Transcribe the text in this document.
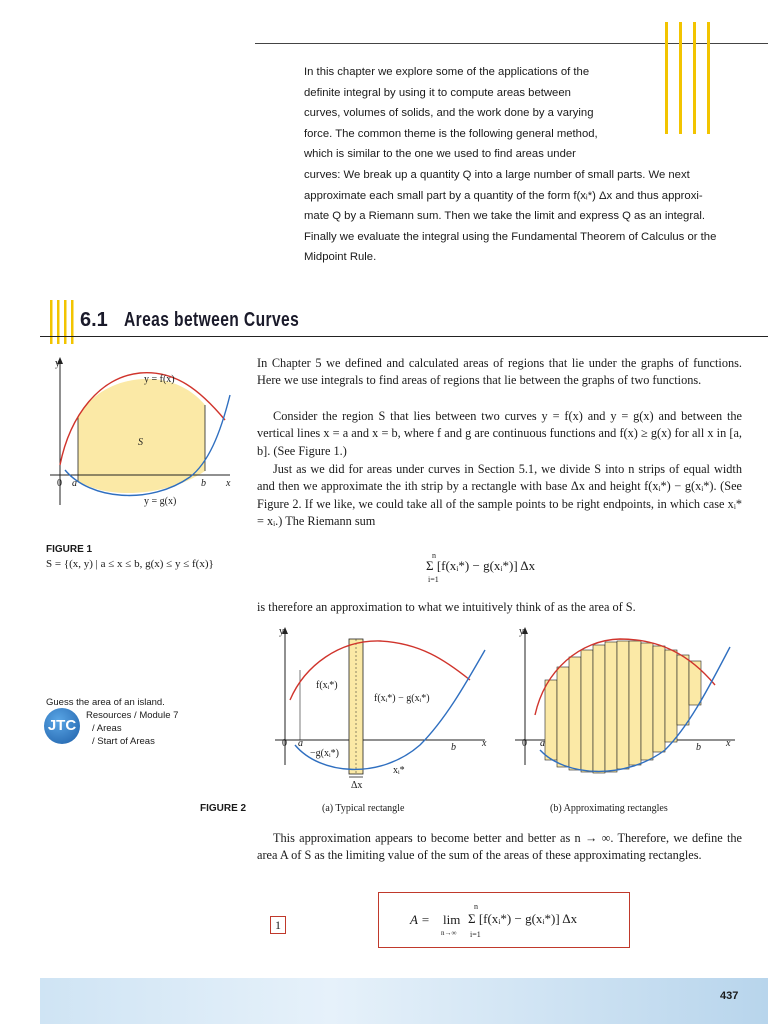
In this chapter we explore some of the applications of the
definite integral by using it to compute areas between
curves, volumes of solids, and the work done by a varying
force. The common theme is the following general method,
which is similar to the one we used to find areas under
curves: We break up a quantity Q into a large number of small parts. We next
approximate each small part by a quantity of the form f(xᵢ*) Δx and thus approxi-
mate Q by a Riemann sum. Then we take the limit and express Q as an integral.
Finally we evaluate the integral using the Fundamental Theorem of Calculus or the
Midpoint Rule.
6.1 Areas between Curves
y
y = f(x)
S
0 a	b x
y = g(x)
FIGURE 1
S = {(x, y) | a ≤ x ≤ b, g(x) ≤ y ≤ f(x)}
In Chapter 5 we defined and calculated areas of regions that lie under the graphs of functions. Here we use integrals to find areas of regions that lie between the graphs of two functions.
Consider the region S that lies between two curves y = f(x) and y = g(x) and between the vertical lines x = a and x = b, where f and g are continuous functions and f(x) ≥ g(x) for all x in [a, b]. (See Figure 1.)
Just as we did for areas under curves in Section 5.1, we divide S into n strips of equal width and then we approximate the ith strip by a rectangle with base Δx and height f(xᵢ*) − g(xᵢ*). (See Figure 2. If we like, we could take all of the sample points to be right endpoints, in which case xᵢ* = xᵢ.) The Riemann sum
n
Σ [f(xᵢ*) − g(xᵢ*)] Δx
i=1
is therefore an approximation to what we intuitively think of as the area of S.
y
f(xᵢ*)
f(xᵢ*) − g(xᵢ*)
0 a
−g(xᵢ*)
b	x
xᵢ*
Δx
y
0 a	b	x
FIGURE 2	(a) Typical rectangle	(b) Approximating rectangles
Guess the area of an island.
Resources / Module 7
/ Areas
/ Start of Areas
JTC
This approximation appears to become better and better as n → ∞. Therefore, we define the area A of S as the limiting value of the sum of the areas of these approximating rectangles.
1	A = lim
n→∞
n
Σ [f(xᵢ*) − g(xᵢ*)] Δx
i=1
437
